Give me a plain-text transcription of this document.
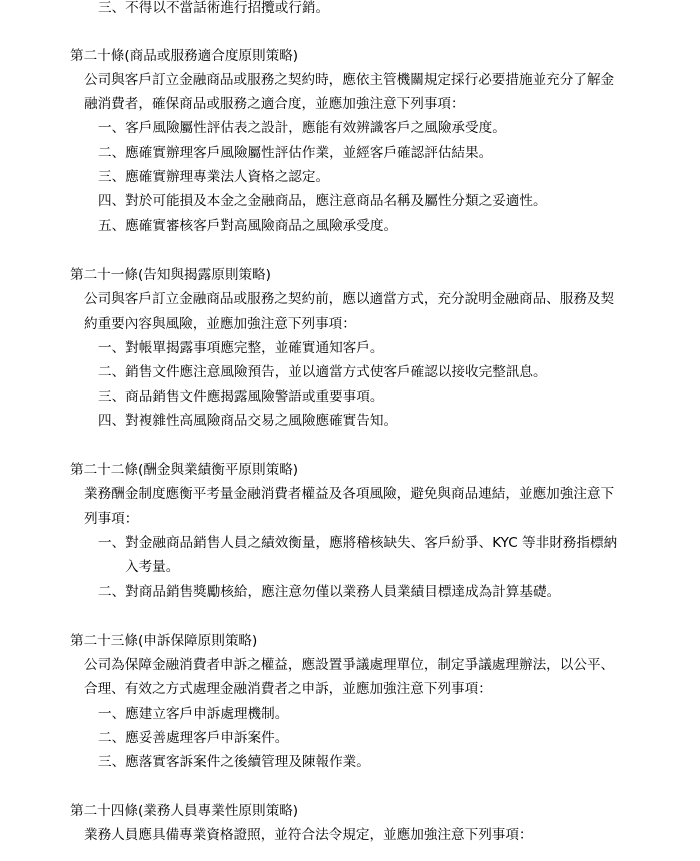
三、不得以不當話術進行招攬或行銷。
第二十條(商品或服務適合度原則策略)
公司與客戶訂立金融商品或服務之契約時，應依主管機關規定採行必要措施並充分了解金
融消費者，確保商品或服務之適合度，並應加強注意下列事項：
一、客戶風險屬性評估表之設計，應能有效辨識客戶之風險承受度。
二、應確實辦理客戶風險屬性評估作業，並經客戶確認評估結果。
三、應確實辦理專業法人資格之認定。
四、對於可能損及本金之金融商品，應注意商品名稱及屬性分類之妥適性。
五、應確實審核客戶對高風險商品之風險承受度。
第二十一條(告知與揭露原則策略)
公司與客戶訂立金融商品或服務之契約前，應以適當方式，充分說明金融商品、服務及契
約重要內容與風險，並應加強注意下列事項：
一、對帳單揭露事項應完整，並確實通知客戶。
二、銷售文件應注意風險預告，並以適當方式使客戶確認以接收完整訊息。
三、商品銷售文件應揭露風險警語或重要事項。
四、對複雜性高風險商品交易之風險應確實告知。
第二十二條(酬金與業績衡平原則策略)
業務酬金制度應衡平考量金融消費者權益及各項風險，避免與商品連結，並應加強注意下
列事項：
一、對金融商品銷售人員之績效衡量，應將稽核缺失、客戶紛爭、KYC 等非財務指標納
入考量。
二、對商品銷售獎勵核給，應注意勿僅以業務人員業績目標達成為計算基礎。
第二十三條(申訴保障原則策略)
公司為保障金融消費者申訴之權益，應設置爭議處理單位，制定爭議處理辦法，以公平、
合理、有效之方式處理金融消費者之申訴，並應加強注意下列事項：
一、應建立客戶申訴處理機制。
二、應妥善處理客戶申訴案件。
三、應落實客訴案件之後續管理及陳報作業。
第二十四條(業務人員專業性原則策略)
業務人員應具備專業資格證照，並符合法令規定，並應加強注意下列事項：
